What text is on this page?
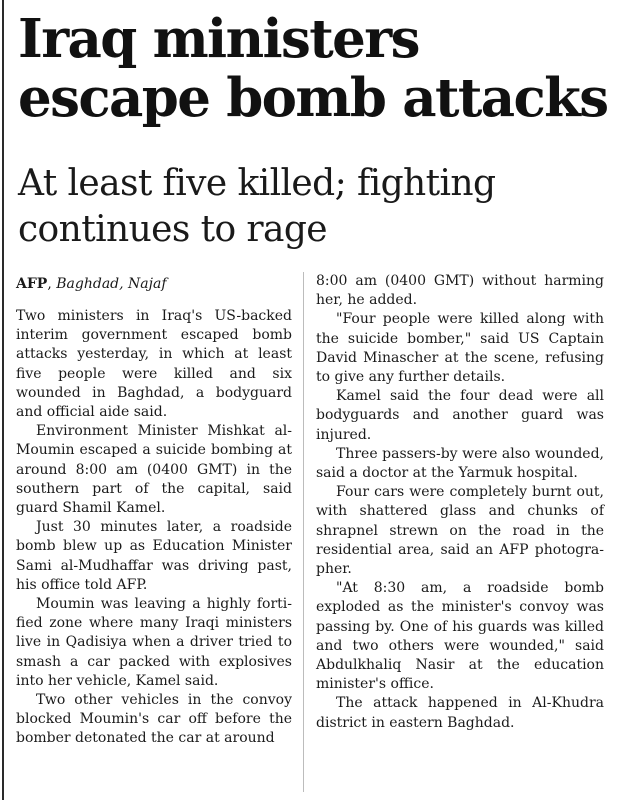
Iraq ministers escape bomb attacks
At least five killed; fighting continues to rage

AFP, Baghdad, Najaf

Two ministers in Iraq's US-backed interim government escaped bomb attacks yesterday, in which at least five people were killed and six wounded in Baghdad, a bodyguard and official aide said.

Environment Minister Mishkat al-Moumin escaped a suicide bombing at around 8:00 am (0400 GMT) in the southern part of the capital, said guard Shamil Kamel.

Just 30 minutes later, a roadside bomb blew up as Education Minister Sami al-Mudhaffar was driving past, his office told AFP.

Moumin was leaving a highly forti-fied zone where many Iraqi ministers live in Qadisiya when a driver tried to smash a car packed with explosives into her vehicle, Kamel said.

Two other vehicles in the convoy blocked Moumin's car off before the bomber detonated the car at around

8:00 am (0400 GMT) without harming her, he added.

"Four people were killed along with the suicide bomber," said US Captain David Minascher at the scene, refusing to give any further details.

Kamel said the four dead were all bodyguards and another guard was injured.

Three passers-by were also wounded, said a doctor at the Yarmuk hospital.

Four cars were completely burnt out, with shattered glass and chunks of shrapnel strewn on the road in the residential area, said an AFP photogra-pher.

"At 8:30 am, a roadside bomb exploded as the minister's convoy was passing by. One of his guards was killed and two others were wounded," said Abdulkhaliq Nasir at the education minister's office.

The attack happened in Al-Khudra district in eastern Baghdad.
